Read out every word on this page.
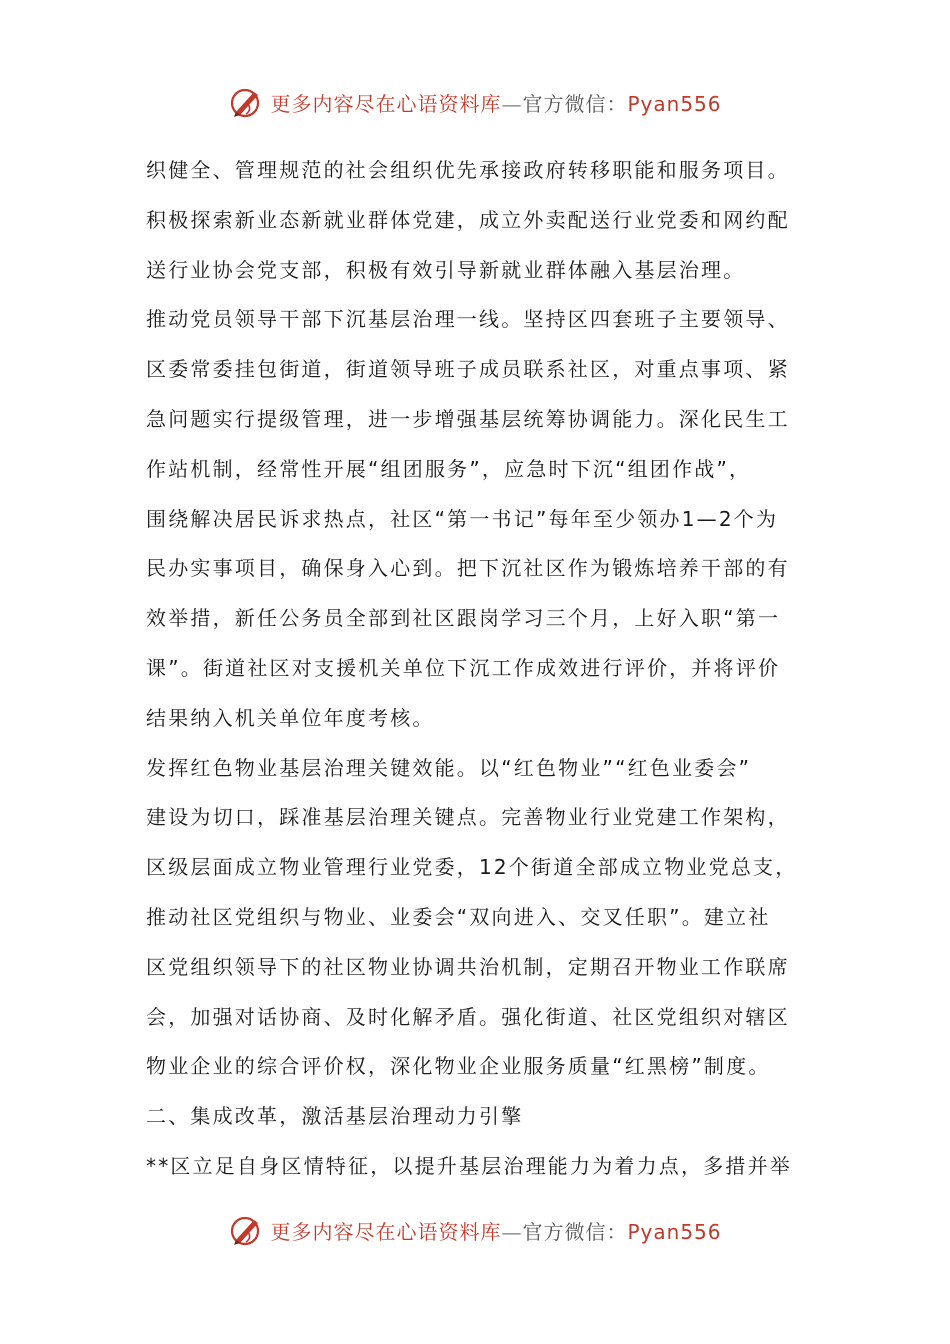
更多内容尽在心语资料库—官方微信：Pyan556
织健全、管理规范的社会组织优先承接政府转移职能和服务项目。
积极探索新业态新就业群体党建，成立外卖配送行业党委和网约配
送行业协会党支部，积极有效引导新就业群体融入基层治理。
推动党员领导干部下沉基层治理一线。坚持区四套班子主要领导、
区委常委挂包街道，街道领导班子成员联系社区，对重点事项、紧
急问题实行提级管理，进一步增强基层统筹协调能力。深化民生工
作站机制，经常性开展“组团服务”，应急时下沉“组团作战”，
围绕解决居民诉求热点，社区“第一书记”每年至少领办1—2个为
民办实事项目，确保身入心到。把下沉社区作为锻炼培养干部的有
效举措，新任公务员全部到社区跟岗学习三个月，上好入职“第一
课”。街道社区对支援机关单位下沉工作成效进行评价，并将评价
结果纳入机关单位年度考核。
发挥红色物业基层治理关键效能。以“红色物业”“红色业委会”
建设为切口，踩准基层治理关键点。完善物业行业党建工作架构，
区级层面成立物业管理行业党委，12个街道全部成立物业党总支，
推动社区党组织与物业、业委会“双向进入、交叉任职”。建立社
区党组织领导下的社区物业协调共治机制，定期召开物业工作联席
会，加强对话协商、及时化解矛盾。强化街道、社区党组织对辖区
物业企业的综合评价权，深化物业企业服务质量“红黑榜”制度。
二、集成改革，激活基层治理动力引擎
**区立足自身区情特征，以提升基层治理能力为着力点，多措并举
更多内容尽在心语资料库—官方微信：Pyan556
